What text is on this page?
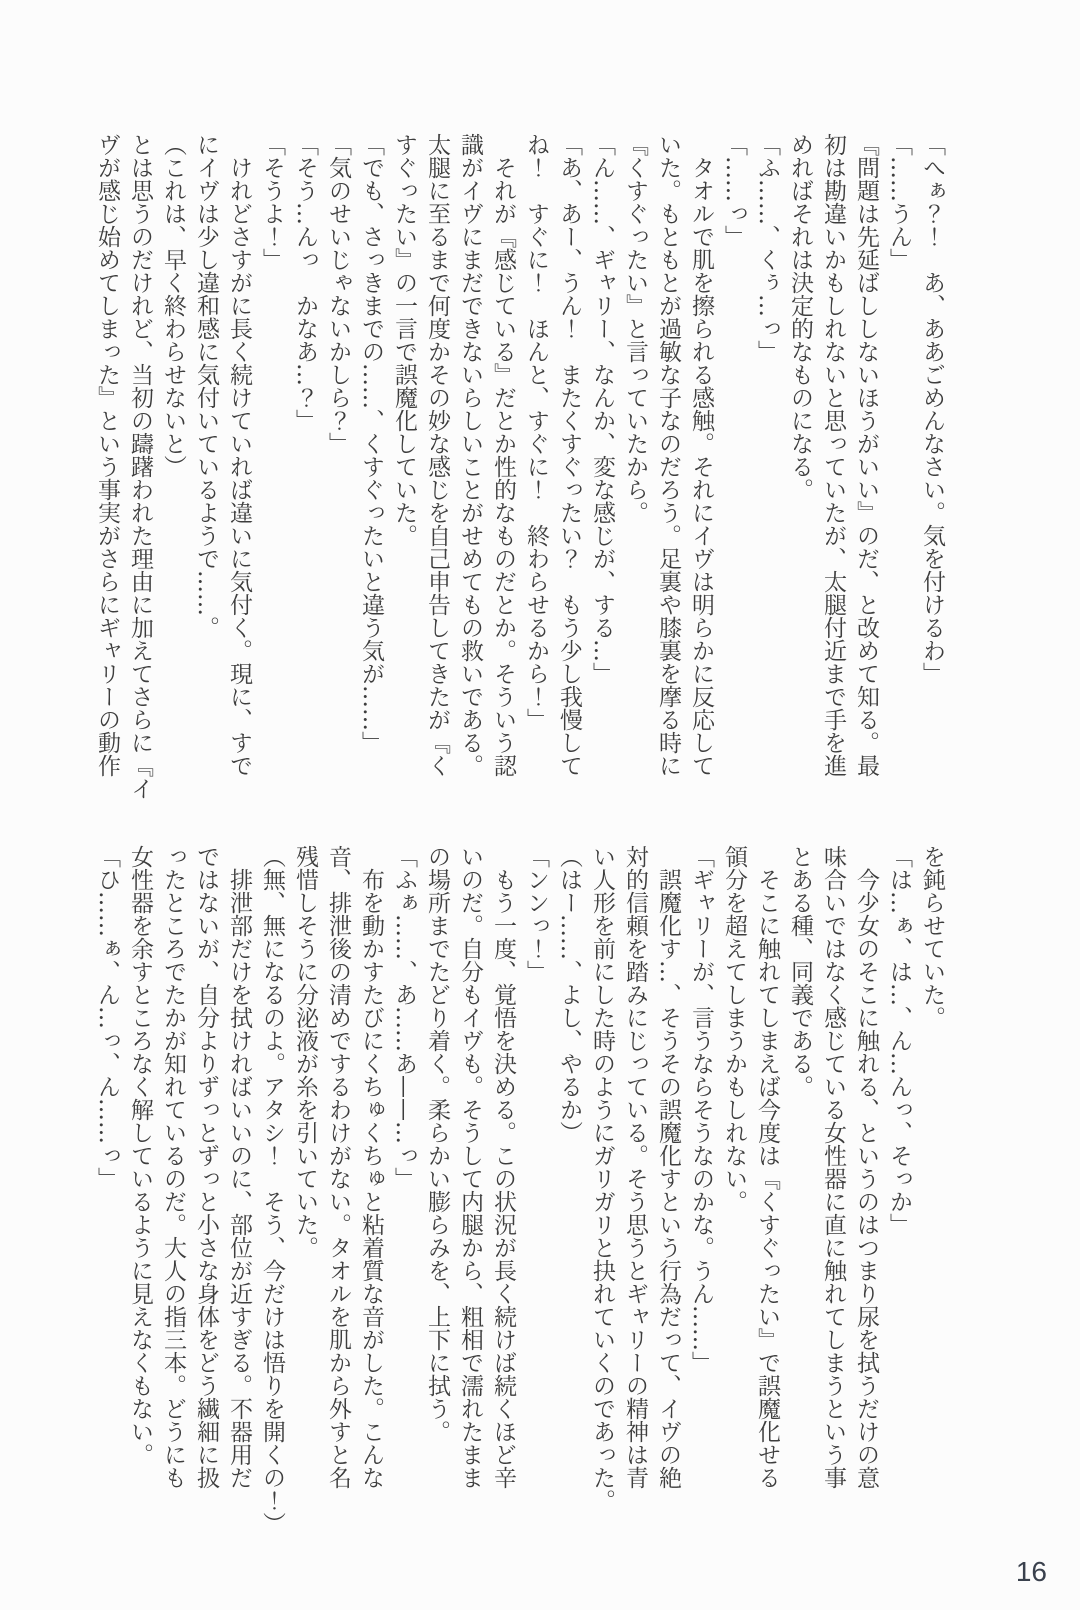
「へぁ？！　あ、ああごめんなさい。気を付けるわ」

「……うん」

『問題は先延ばししないほうがいい』のだ、と改めて知る。最

初は勘違いかもしれないと思っていたが、太腿付近まで手を進

めればそれは決定的なものになる。

「ふ……、くぅ…っ」

「……っ」

タオルで肌を擦られる感触。それにイヴは明らかに反応して

いた。もともとが過敏な子なのだろう。足裏や膝裏を摩る時に

『くすぐったい』と言っていたから。

「ん……、ギャリー、なんか、変な感じが、する…」

「あ、あー、うん！　またくすぐったい？　もう少し我慢して

ね！　すぐに！　ほんと、すぐに！　終わらせるから！」

それが『感じている』だとか性的なものだとか。そういう認

識がイヴにまだできないらしいことがせめてもの救いである。

太腿に至るまで何度かその妙な感じを自己申告してきたが『く

すぐったい』の一言で誤魔化していた。

「でも、さっきまでの……、くすぐったいと違う気が……」

「気のせいじゃないかしら？」

「そう…んっ　かなあ…？」

「そうよ！」

けれどさすがに長く続けていれば違いに気付く。現に、すで

にイヴは少し違和感に気付いているようで……。

（これは、早く終わらせないと）

とは思うのだけれど、当初の躊躇われた理由に加えてさらに『イ

ヴが感じ始めてしまった』という事実がさらにギャリーの動作

を鈍らせていた。

「は…ぁ、は…、ん…んっ、そっか」

今少女のそこに触れる、というのはつまり尿を拭うだけの意

味合いではなく感じている女性器に直に触れてしまうという事

とある種、同義である。

そこに触れてしまえば今度は『くすぐったい』で誤魔化せる

領分を超えてしまうかもしれない。

「ギャリーが、言うならそうなのかな。うん……」

誤魔化す…、そうその誤魔化すという行為だって、イヴの絶

対的信頼を踏みにじっている。そう思うとギャリーの精神は青

い人形を前にした時のようにガリガリと抉れていくのであった。

（はー……、よし、やるか）

「ンンっ！」

もう一度、覚悟を決める。この状況が長く続けば続くほど辛

いのだ。自分もイヴも。そうして内腿から、粗相で濡れたまま

の場所までたどり着く。柔らかい膨らみを、上下に拭う。

「ふぁ……、あ……あ——…っ」

布を動かすたびにくちゅくちゅと粘着質な音がした。こんな

音、排泄後の清めでするわけがない。タオルを肌から外すと名

残惜しそうに分泌液が糸を引いていた。

（無、無になるのよ。アタシ！　そう、今だけは悟りを開くの！）

排泄部だけを拭ければいいのに、部位が近すぎる。不器用だ

ではないが、自分よりずっとずっと小さな身体をどう繊細に扱

ったところでたかが知れているのだ。大人の指三本。どうにも

女性器を余すところなく解しているように見えなくもない。

「ひ……ぁ、ん…っ、ん……っ」

16
